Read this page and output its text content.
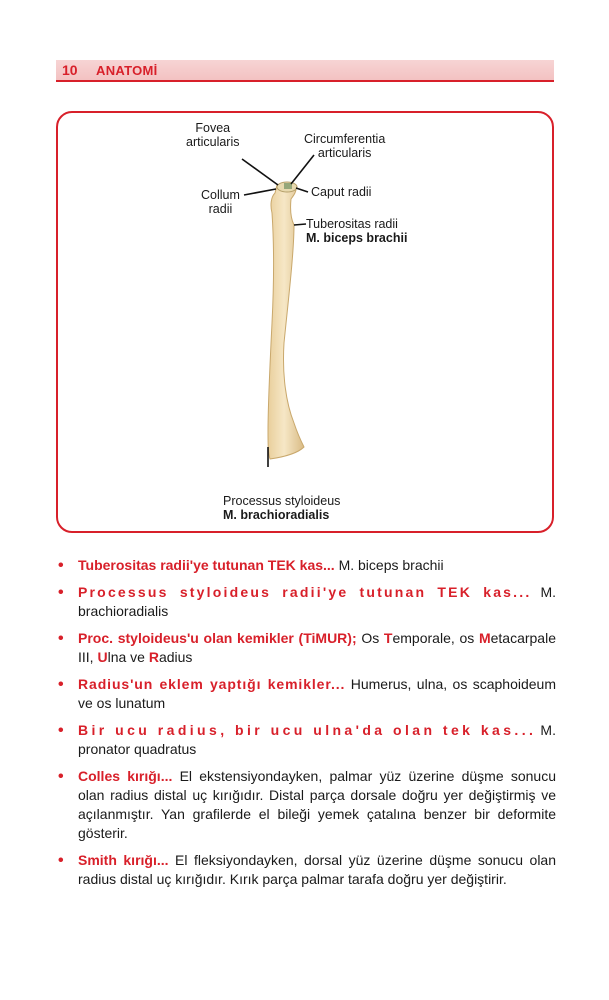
10	ANATOMİ
Fovea
articularis	Circumferentia
articularis
Collum
radii
Caput radii
Tuberositas radii
M. biceps brachii
Processus styloideus
M. brachioradialis
• Tuberositas radii'ye tutunan TEK kas... M. biceps brachii
• Processus styloideus radii'ye tutunan TEK kas... M. brachioradialis
• Proc. styloideus'u olan kemikler (TiMUR); Os Temporale, os Metacarpale III, Ulna ve Radius
• Radius'un eklem yaptığı kemikler... Humerus, ulna, os scaphoideum ve os lunatum
• Bir ucu radius, bir ucu ulna'da olan tek kas... M. pronator quadratus
• Colles kırığı... El ekstensiyondayken, palmar yüz üzerine düşme sonucu olan radius distal uç kırığıdır. Distal parça dorsale doğru yer değiştirmiş ve açılanmıştır. Yan grafilerde el bileği yemek çatalına benzer bir deformite gösterir.
• Smith kırığı... El fleksiyondayken, dorsal yüz üzerine düşme sonucu olan radius distal uç kırığıdır. Kırık parça palmar tarafa doğru yer değiştirir.
